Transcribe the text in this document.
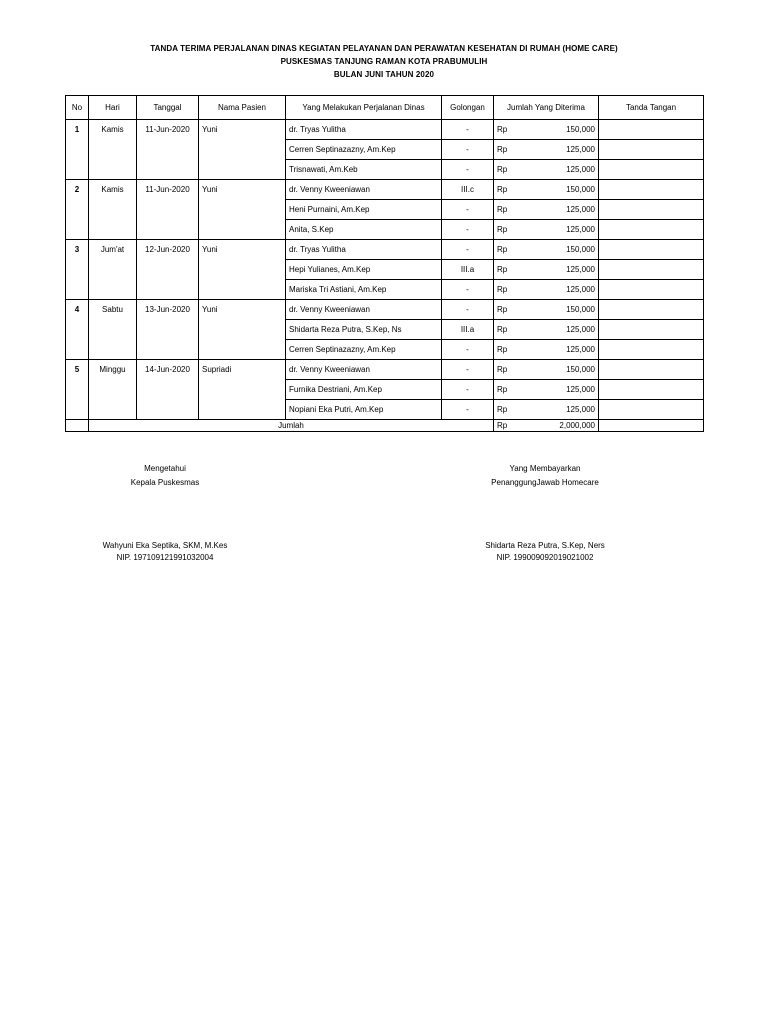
TANDA TERIMA PERJALANAN DINAS KEGIATAN PELAYANAN DAN PERAWATAN KESEHATAN DI RUMAH (HOME CARE)
PUSKESMAS TANJUNG RAMAN KOTA PRABUMULIH
BULAN JUNI TAHUN 2020
No	Hari	Tanggal	Nama Pasien	Yang Melakukan Perjalanan Dinas	Golongan	Jumlah Yang Diterima	Tanda Tangan
1	Kamis	11-Jun-2020	Yuni	dr. Tryas Yulitha	-	Rp 150,000	

				Cerren Septinazazny, Am.Kep	-	Rp 125,000	

				Trisnawati, Am.Keb	-	Rp 125,000	

2	Kamis	11-Jun-2020	Yuni	dr. Venny Kweeniawan	III.c	Rp 150,000	

				Heni Purnaini, Am.Kep	-	Rp 125,000	

				Anita, S.Kep	-	Rp 125,000	

3	Jum'at	12-Jun-2020	Yuni	dr. Tryas Yulitha	-	Rp 150,000	

				Hepi Yulianes, Am.Kep	III.a	Rp 125,000	

				Mariska Tri Astiani, Am.Kep	-	Rp 125,000	

4	Sabtu	13-Jun-2020	Yuni	dr. Venny Kweeniawan	-	Rp 150,000	

				Shidarta Reza Putra, S.Kep, Ns	III.a	Rp 125,000	

				Cerren Septinazazny, Am.Kep	-	Rp 125,000	

5	Minggu	14-Jun-2020	Supriadi	dr. Venny Kweeniawan	-	Rp 150,000	

				Furnika Destriani, Am.Kep	-	Rp 125,000	

				Nopiani Eka Putri, Am.Kep	-	Rp 125,000	

	Jumlah					Rp 2,000,000	

Mengetahui
Kepala Puskesmas
Wahyuni Eka Septika, SKM, M.Kes
NIP. 197109121991032004
Yang Membayarkan
PenanggungJawab Homecare
Shidarta Reza Putra, S.Kep, Ners
NIP. 199009092019021002
